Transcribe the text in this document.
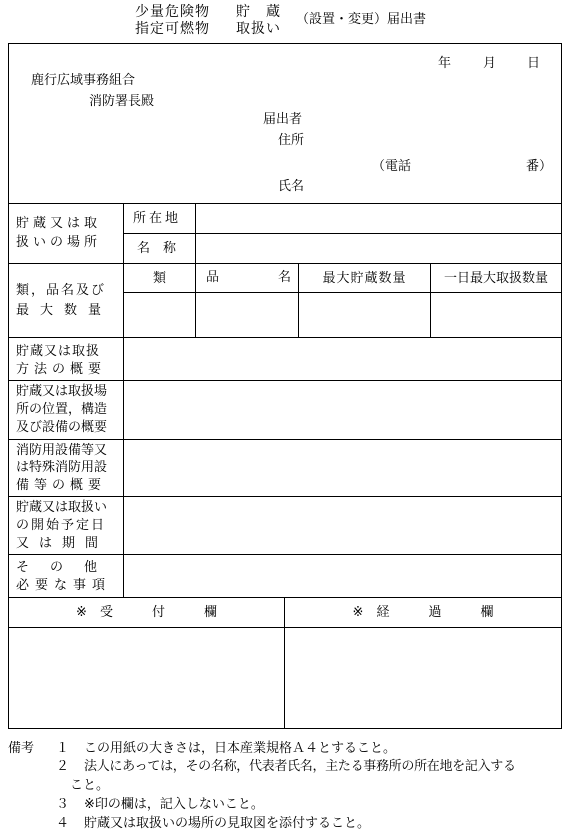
少量危険物 貯　蔵
指定可燃物 取扱い
（設置・変更）届出書
年 月 日
鹿行広域事務組合
消防署長殿
届出者
住所
（電話	番）
氏名
貯蔵又は取
扱いの場所
所在地
名　称
類，品名及び
最大数量
類	品	名	最大貯蔵数量	一日最大取扱数量
貯蔵又は取扱
方法の概要
貯蔵又は取扱場
所の位置，構造
及び設備の概要
消防用設備等又
は特殊消防用設
備等の概要
貯蔵又は取扱い
の開始予定日
又は期間
その他
必要な事項
※　受　　　付　　　欄	※　経　　　過　　　欄
備考 １ この用紙の大きさは，日本産業規格Ａ４とすること。
２ 法人にあっては，その名称，代表者氏名，主たる事務所の所在地を記入する
こと。
３ ※印の欄は，記入しないこと。
４ 貯蔵又は取扱いの場所の見取図を添付すること。
